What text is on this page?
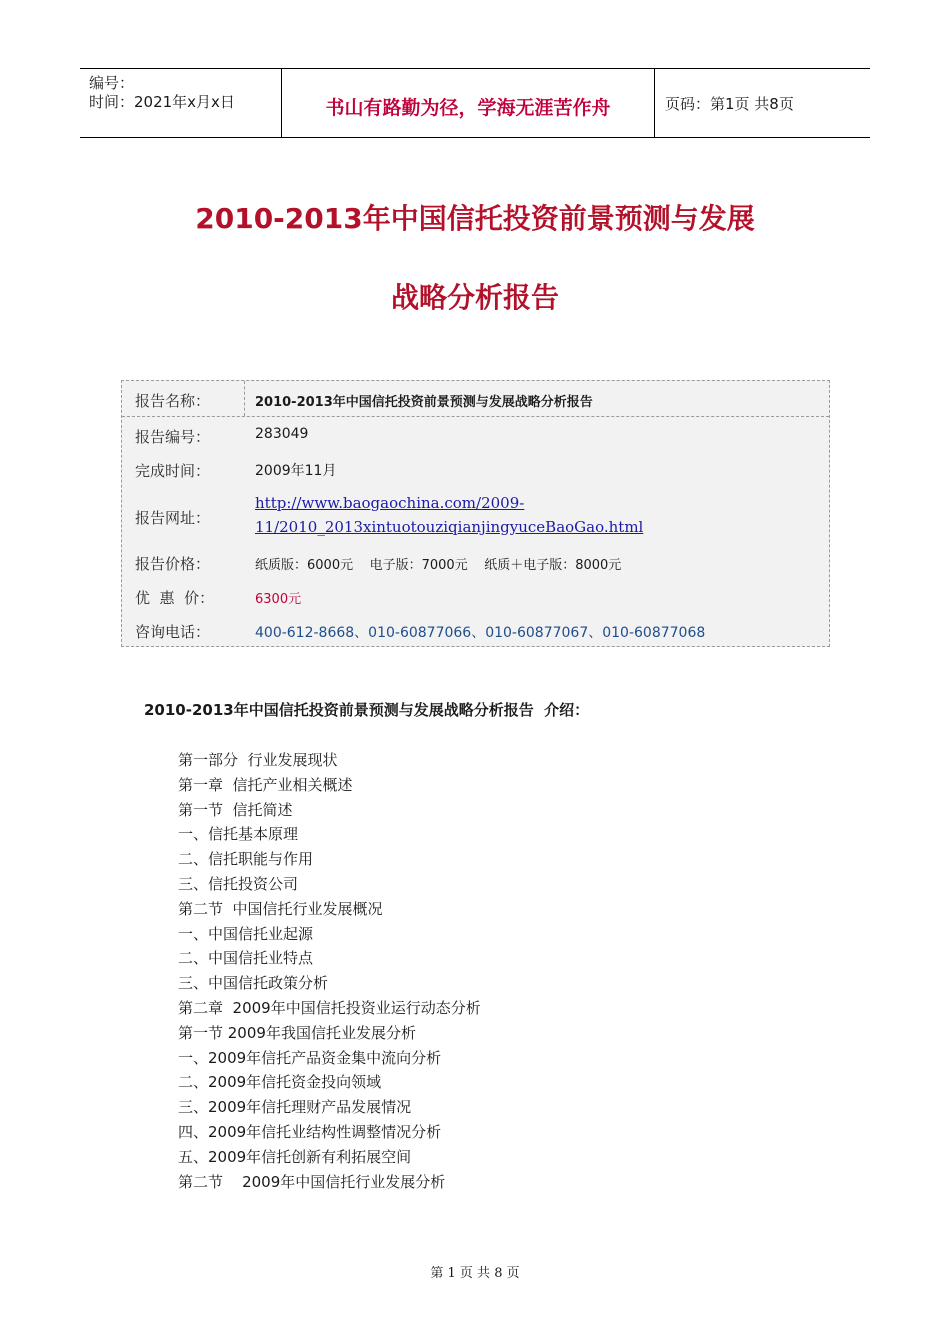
编号：
时间：2021年x月x日	书山有路勤为径，学海无涯苦作舟	页码：第1页 共8页
2010-2013年中国信托投资前景预测与发展
战略分析报告
报告名称：	2010-2013年中国信托投资前景预测与发展战略分析报告
报告编号：	283049
完成时间：	2009年11月
报告网址：
http://www.baogaochina.com/2009-
11/2010_2013xintuotouziqianjingyuceBaoGao.html
报告价格：	纸质版：6000元    电子版：7000元    纸质＋电子版：8000元
优  惠  价：	6300元
咨询电话：	400-612-8668、010-60877066、010-60877067、010-60877068
2010-2013年中国信托投资前景预测与发展战略分析报告  介绍：
第一部分  行业发展现状
第一章  信托产业相关概述
第一节  信托简述
一、信托基本原理
二、信托职能与作用
三、信托投资公司
第二节  中国信托行业发展概况
一、中国信托业起源
二、中国信托业特点
三、中国信托政策分析
第二章  2009年中国信托投资业运行动态分析
第一节 2009年我国信托业发展分析
一、2009年信托产品资金集中流向分析
二、2009年信托资金投向领域
三、2009年信托理财产品发展情况
四、2009年信托业结构性调整情况分析
五、2009年信托创新有利拓展空间
第二节    2009年中国信托行业发展分析
第 1 页 共 8 页
